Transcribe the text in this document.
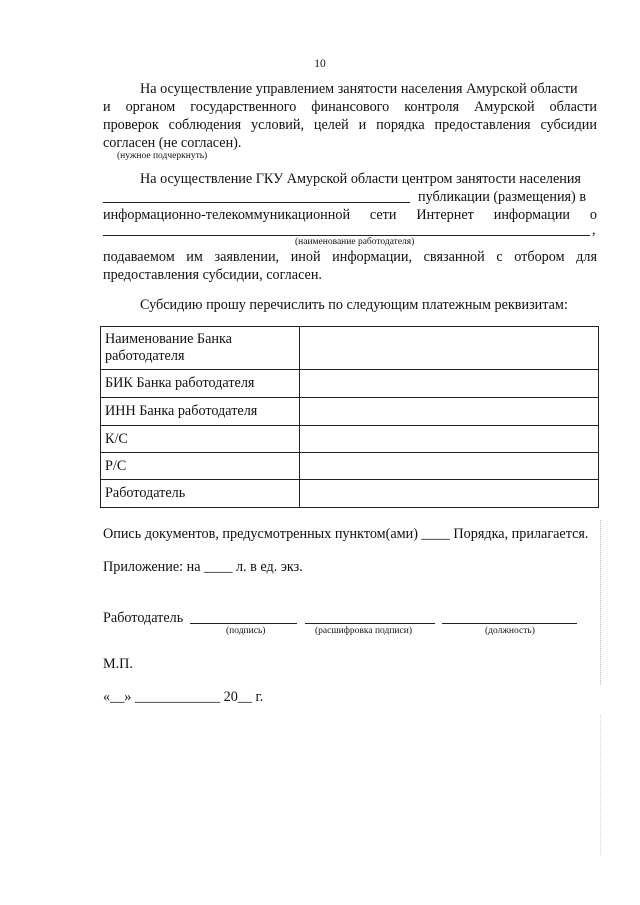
10
На осуществление управлением занятости населения Амурской области
и органом государственного финансового контроля Амурской области
проверок соблюдения условий, целей и порядка предоставления субсидии
согласен (не согласен).
(нужное подчеркнуть)
На осуществление ГКУ Амурской области центром занятости населения
публикации (размещения) в
информационно-телекоммуникационной сети Интернет информации о
,
(наименование работодателя)
подаваемом им заявлении, иной информации, связанной с отбором для
предоставления субсидии, согласен.
Субсидию прошу перечислить по следующим платежным реквизитам:
Наименование Банка работодателя	
БИК Банка работодателя	
ИНН Банка работодателя	
К/С	
Р/С	
Работодатель	
Опись документов, предусмотренных пунктом(ами) ____ Порядка, прилагается.
Приложение: на ____ л. в ед. экз.
Работодатель
(подпись)	(расшифровка подписи)	(должность)
М.П.
«__» ____________ 20__ г.
